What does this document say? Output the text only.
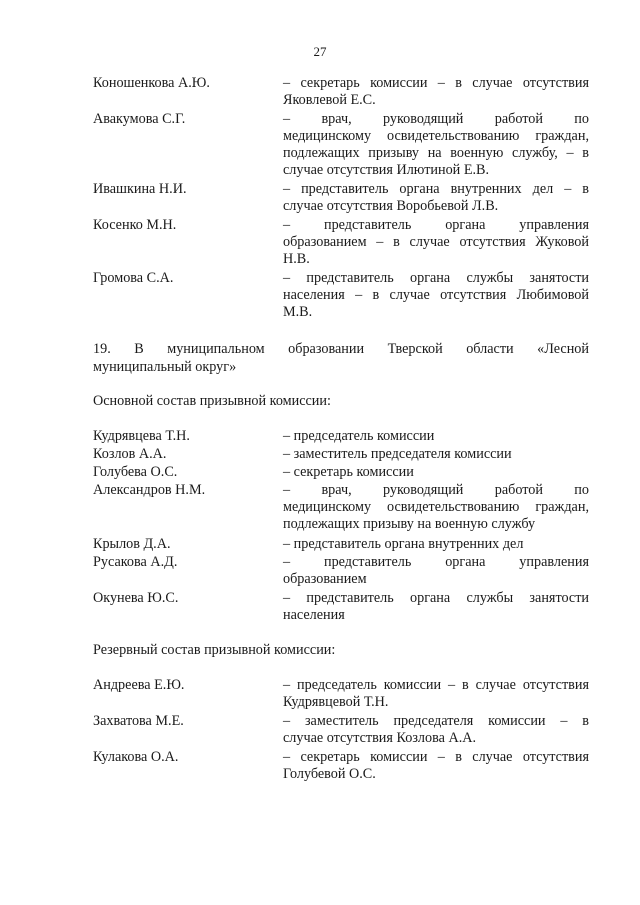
27
Коношенкова А.Ю.	– секретарь комиссии – в случае отсутствия
Яковлевой Е.С.
Авакумова С.Г.	– врач, руководящий работой по
медицинскому освидетельствованию граждан,
подлежащих призыву на военную службу, – в
случае отсутствия Илютиной Е.В.
Ивашкина Н.И.	– представитель органа внутренних дел – в
случае отсутствия Воробьевой Л.В.
Косенко М.Н.	– представитель органа управления
образованием – в случае отсутствия Жуковой
Н.В.
Громова С.А.	– представитель органа службы занятости
населения – в случае отсутствия Любимовой
М.В.
19. В муниципальном образовании Тверской области «Лесной
муниципальный округ»
Основной состав призывной комиссии:
Кудрявцева Т.Н.	– председатель комиссии
Козлов А.А.	– заместитель председателя комиссии
Голубева О.С.	– секретарь комиссии
Александров Н.М.	– врач, руководящий работой по
медицинскому освидетельствованию граждан,
подлежащих призыву на военную службу
Крылов Д.А.	– представитель органа внутренних дел
Русакова А.Д.	– представитель органа управления
образованием
Окунева Ю.С.	– представитель органа службы занятости
населения
Резервный состав призывной комиссии:
Андреева Е.Ю.	– председатель комиссии – в случае отсутствия
Кудрявцевой Т.Н.
Захватова М.Е.	– заместитель председателя комиссии – в
случае отсутствия Козлова А.А.
Кулакова О.А.	– секретарь комиссии – в случае отсутствия
Голубевой О.С.
